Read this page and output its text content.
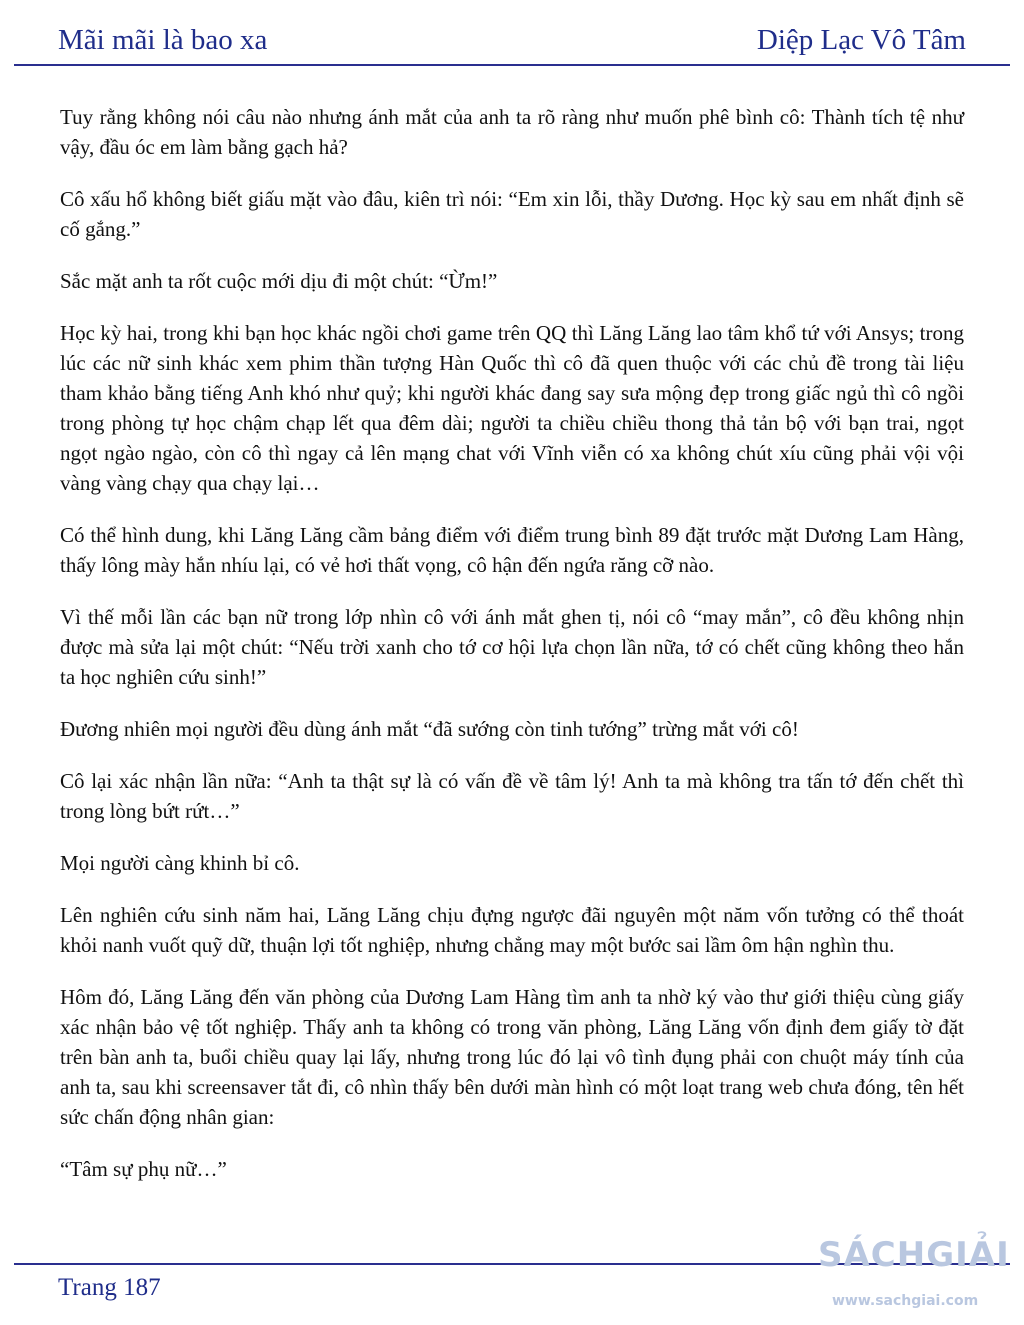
Mãi mãi là bao xa	Diệp Lạc Vô Tâm

Tuy rằng không nói câu nào nhưng ánh mắt của anh ta rõ ràng như muốn phê bình cô: Thành tích tệ như vậy, đầu óc em làm bằng gạch hả?

Cô xấu hổ không biết giấu mặt vào đâu, kiên trì nói: “Em xin lỗi, thầy Dương. Học kỳ sau em nhất định sẽ cố gắng.”

Sắc mặt anh ta rốt cuộc mới dịu đi một chút: “Ừm!”

Học kỳ hai, trong khi bạn học khác ngồi chơi game trên QQ thì Lăng Lăng lao tâm khổ tứ với Ansys; trong lúc các nữ sinh khác xem phim thần tượng Hàn Quốc thì cô đã quen thuộc với các chủ đề trong tài liệu tham khảo bằng tiếng Anh khó như quỷ; khi người khác đang say sưa mộng đẹp trong giấc ngủ thì cô ngồi trong phòng tự học chậm chạp lết qua đêm dài; người ta chiều chiều thong thả tản bộ với bạn trai, ngọt ngọt ngào ngào, còn cô thì ngay cả lên mạng chat với Vĩnh viễn có xa không chút xíu cũng phải vội vội vàng vàng chạy qua chạy lại…

Có thể hình dung, khi Lăng Lăng cầm bảng điểm với điểm trung bình 89 đặt trước mặt Dương Lam Hàng, thấy lông mày hắn nhíu lại, có vẻ hơi thất vọng, cô hận đến ngứa răng cỡ nào.

Vì thế mỗi lần các bạn nữ trong lớp nhìn cô với ánh mắt ghen tị, nói cô “may mắn”, cô đều không nhịn được mà sửa lại một chút: “Nếu trời xanh cho tớ cơ hội lựa chọn lần nữa, tớ có chết cũng không theo hắn ta học nghiên cứu sinh!”

Đương nhiên mọi người đều dùng ánh mắt “đã sướng còn tinh tướng” trừng mắt với cô!

Cô lại xác nhận lần nữa: “Anh ta thật sự là có vấn đề về tâm lý! Anh ta mà không tra tấn tớ đến chết thì trong lòng bứt rứt…”

Mọi người càng khinh bỉ cô.

Lên nghiên cứu sinh năm hai, Lăng Lăng chịu đựng ngược đãi nguyên một năm vốn tưởng có thể thoát khỏi nanh vuốt quỹ dữ, thuận lợi tốt nghiệp, nhưng chẳng may một bước sai lầm ôm hận nghìn thu.

Hôm đó, Lăng Lăng đến văn phòng của Dương Lam Hàng tìm anh ta nhờ ký vào thư giới thiệu cùng giấy xác nhận bảo vệ tốt nghiệp. Thấy anh ta không có trong văn phòng, Lăng Lăng vốn định đem giấy tờ đặt trên bàn anh ta, buổi chiều quay lại lấy, nhưng trong lúc đó lại vô tình đụng phải con chuột máy tính của anh ta, sau khi screensaver tắt đi, cô nhìn thấy bên dưới màn hình có một loạt trang web chưa đóng, tên hết sức chấn động nhân gian:

“Tâm sự phụ nữ…”

Trang 187
SÁCHGIẢI
www.sachgiai.com
